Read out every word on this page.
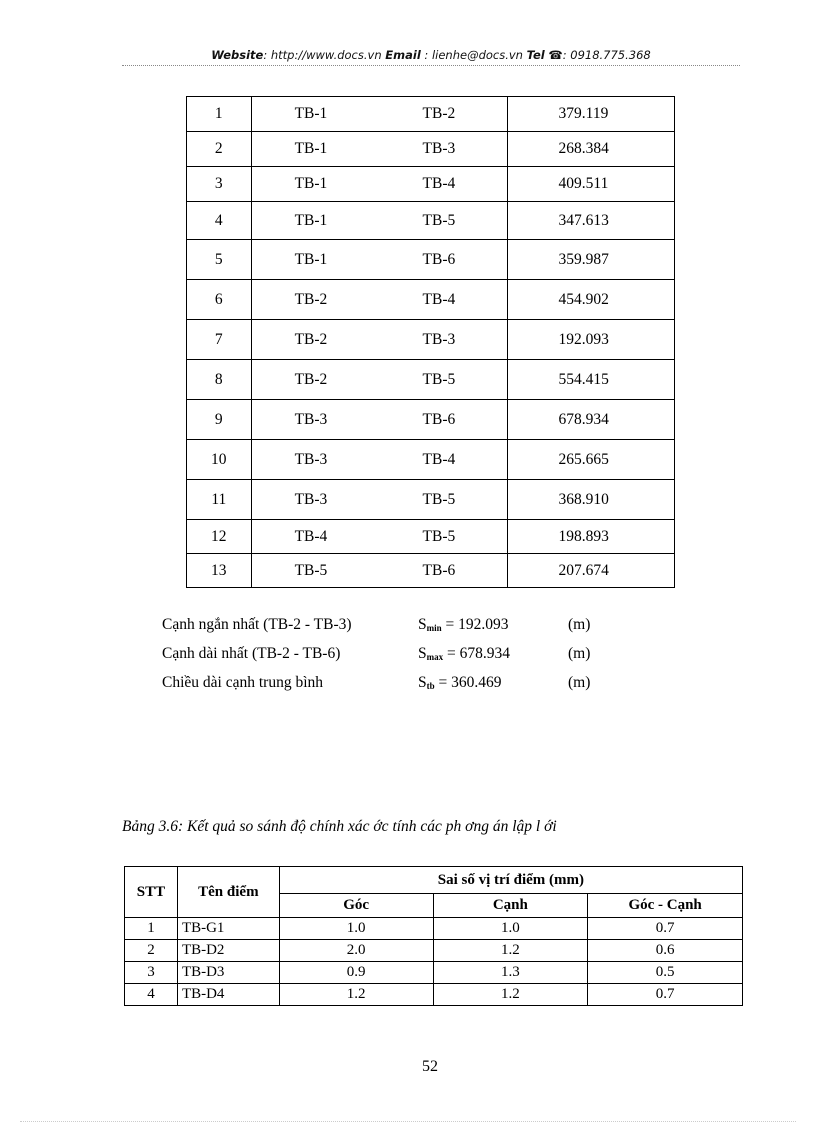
Website: http://www.docs.vn Email : lienhe@docs.vn Tel ☎: 0918.775.368
1	TB-1	TB-2	379.119
2	TB-1	TB-3	268.384
3	TB-1	TB-4	409.511
4	TB-1	TB-5	347.613
5	TB-1	TB-6	359.987
6	TB-2	TB-4	454.902
7	TB-2	TB-3	192.093
8	TB-2	TB-5	554.415
9	TB-3	TB-6	678.934
10	TB-3	TB-4	265.665
11	TB-3	TB-5	368.910
12	TB-4	TB-5	198.893
13	TB-5	TB-6	207.674
Cạnh ngắn nhất (TB-2 - TB-3)	$S_{min} = 192.093$	(m)
Cạnh dài nhất (TB-2 - TB-6)	$S_{max} = 678.934$	(m)
Chiều dài cạnh trung bình	$S_{tb} = 360.469$	(m)
Bảng 3.6: Kết quả so sánh độ chính xác ớc tính các ph ơng án lập l ới
STT	Tên điểm	Sai số vị trí điểm (mm)		
		Góc	Cạnh	Góc - Cạnh
1	TB-G1	1.0	1.0	0.7
2	TB-D2	2.0	1.2	0.6
3	TB-D3	0.9	1.3	0.5
4	TB-D4	1.2	1.2	0.7
52
